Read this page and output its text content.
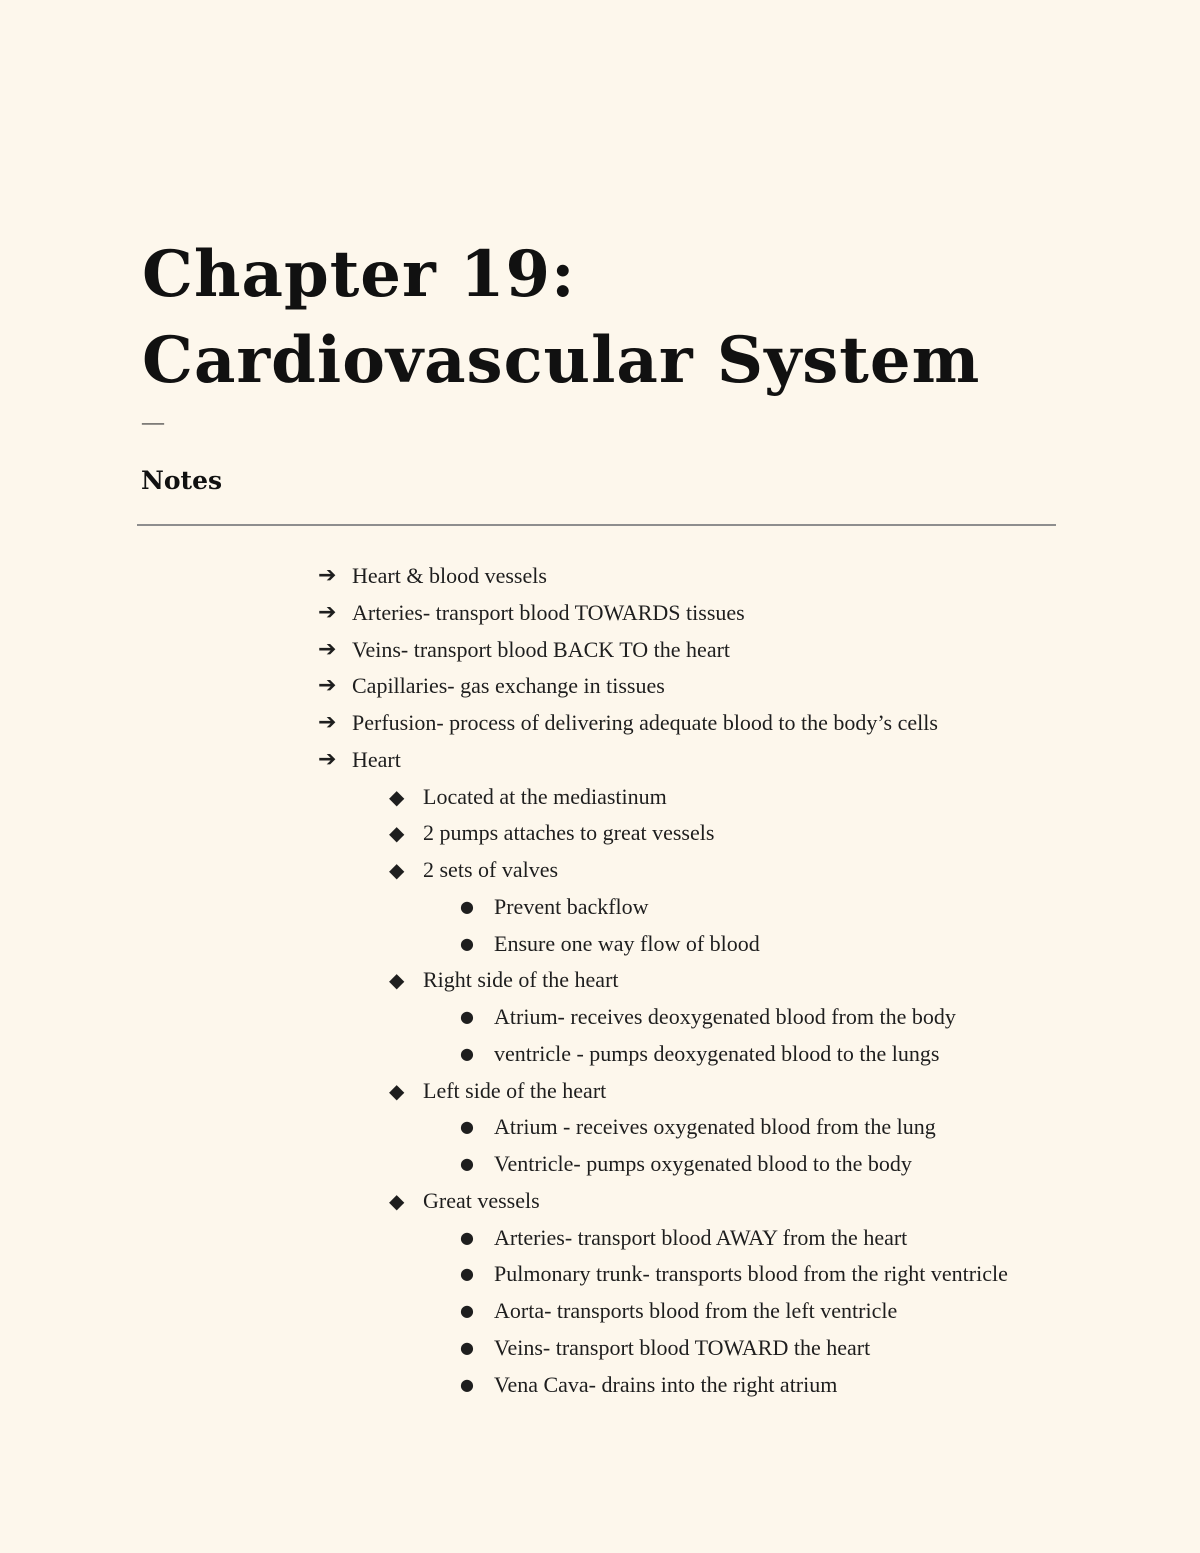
Chapter 19: Cardiovascular System
—
Notes
➔ Heart & blood vessels
➔ Arteries- transport blood TOWARDS tissues
➔ Veins- transport blood BACK TO the heart
➔ Capillaries- gas exchange in tissues
➔ Perfusion- process of delivering adequate blood to the body’s cells
➔ Heart
◆ Located at the mediastinum
◆ 2 pumps attaches to great vessels
◆ 2 sets of valves
● Prevent backflow
● Ensure one way flow of blood
◆ Right side of the heart
● Atrium- receives deoxygenated blood from the body
● ventricle - pumps deoxygenated blood to the lungs
◆ Left side of the heart
● Atrium - receives oxygenated blood from the lung
● Ventricle- pumps oxygenated blood to the body
◆ Great vessels
● Arteries- transport blood AWAY from the heart
● Pulmonary trunk- transports blood from the right ventricle
● Aorta- transports blood from the left ventricle
● Veins- transport blood TOWARD the heart
● Vena Cava- drains into the right atrium
